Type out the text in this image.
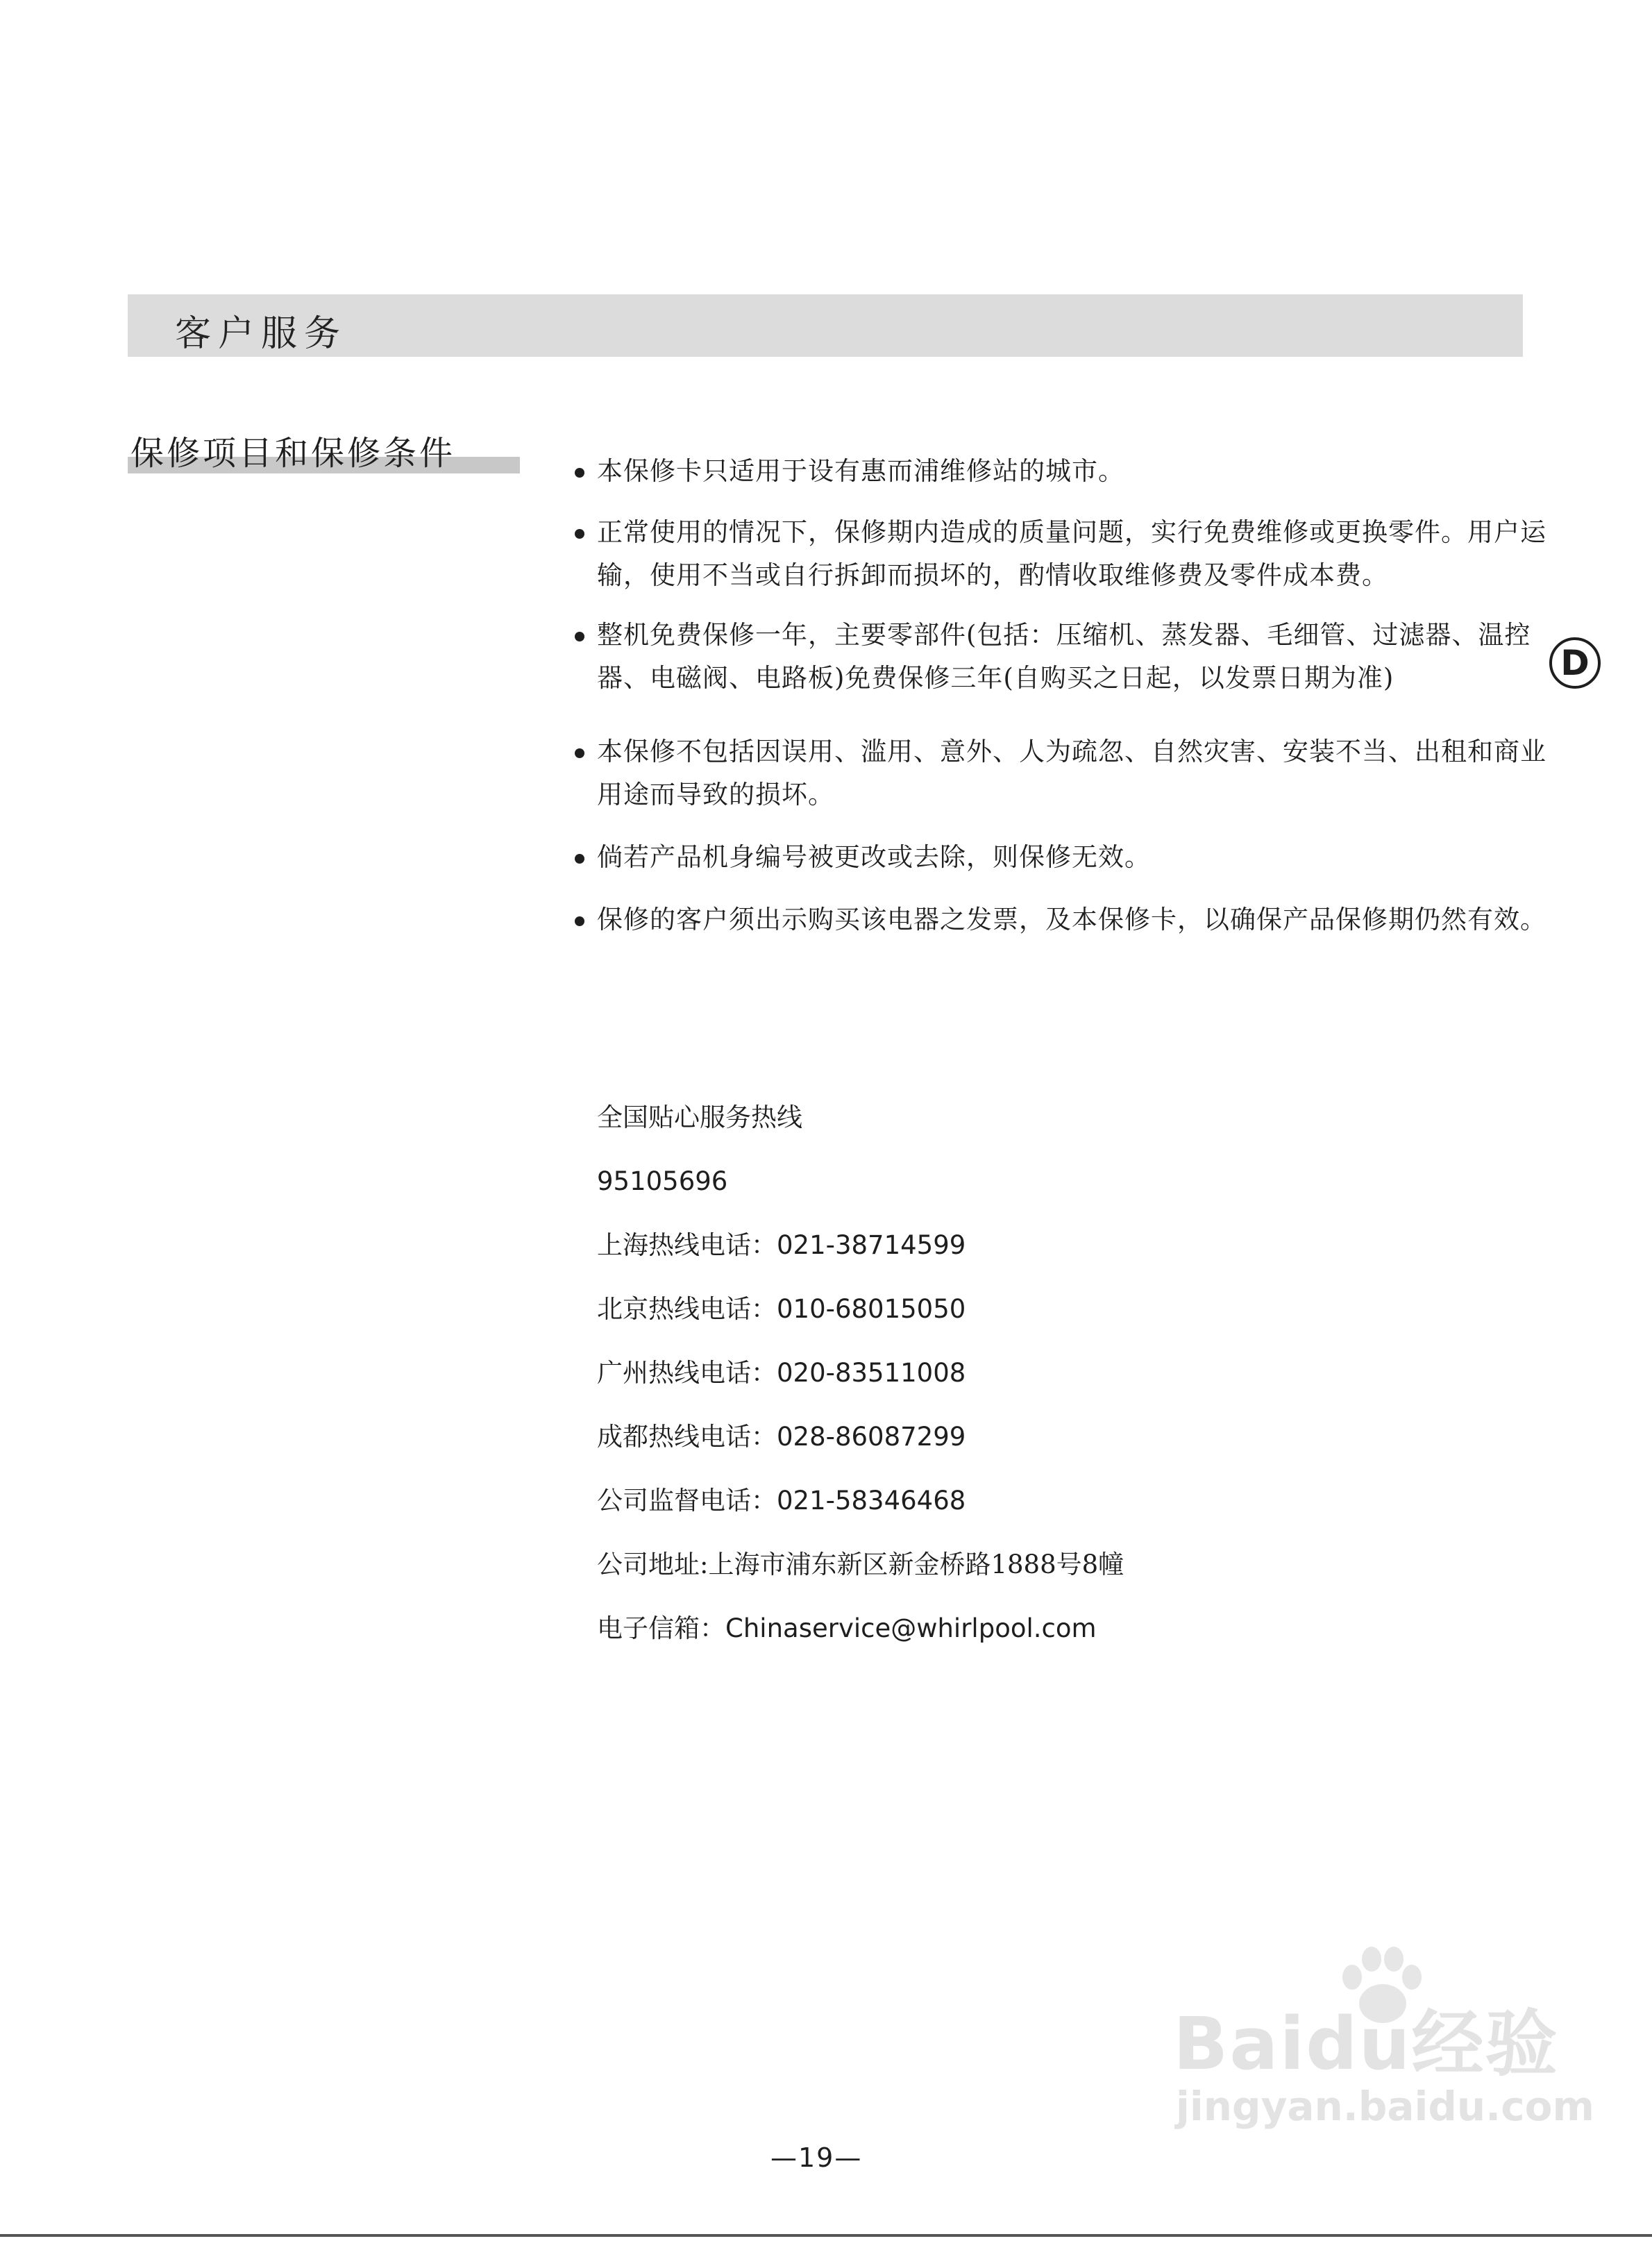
客户服务
保修项目和保修条件	本保修卡只适用于设有惠而浦维修站的城市。
正常使用的情况下，保修期内造成的质量问题，实行免费维修或更换零件。用户运输，使用不当或自行拆卸而损坏的，酌情收取维修费及零件成本费。
整机免费保修一年，主要零部件(包括：压缩机、蒸发器、毛细管、过滤器、温控器、电磁阀、电路板)免费保修三年(自购买之日起，以发票日期为准)
本保修不包括因误用、滥用、意外、人为疏忽、自然灾害、安装不当、出租和商业用途而导致的损坏。
倘若产品机身编号被更改或去除，则保修无效。
保修的客户须出示购买该电器之发票，及本保修卡，以确保产品保修期仍然有效。
D
全国贴心服务热线
95105696
上海热线电话：021-38714599
北京热线电话：010-68015050
广州热线电话：020-83511008
成都热线电话：028-86087299
公司监督电话：021-58346468
公司地址:上海市浦东新区新金桥路1888号8幢
电子信箱：Chinaservice@whirlpool.com
Baidu经验
jingyan.baidu.com
—19—
